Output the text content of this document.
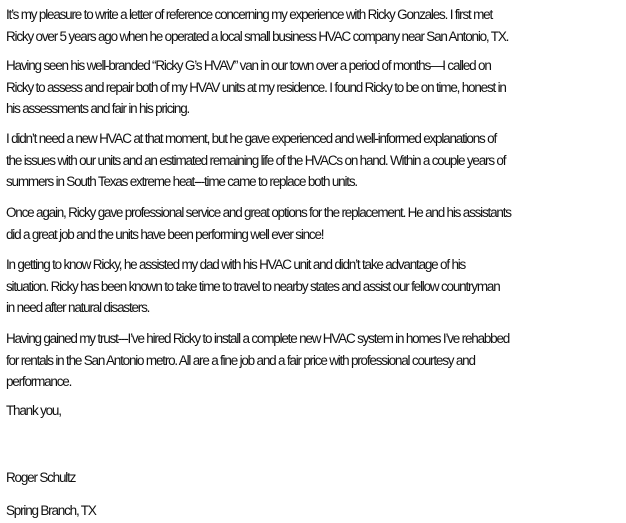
It’s my pleasure to write a letter of reference concerning my experience with Ricky Gonzales. I first met
Ricky over 5 years ago when he operated a local small business HVAC company near San Antonio, TX.

Having seen his well-branded “Ricky G’s HVAV” van in our town over a period of months—I called on
Ricky to assess and repair both of my HVAV units at my residence. I found Ricky to be on time, honest in
his assessments and fair in his pricing.

I didn’t need a new HVAC at that moment, but he gave experienced and well-informed explanations of
the issues with our units and an estimated remaining life of the HVACs on hand. Within a couple years of
summers in South Texas extreme heat---time came to replace both units.

Once again, Ricky gave professional service and great options for the replacement. He and his assistants
did a great job and the units have been performing well ever since!

In getting to know Ricky, he assisted my dad with his HVAC unit and didn’t take advantage of his
situation. Ricky has been known to take time to travel to nearby states and assist our fellow countryman
in need after natural disasters.

Having gained my trust---I’ve hired Ricky to install a complete new HVAC system in homes I’ve rehabbed
for rentals in the San Antonio metro. All are a fine job and a fair price with professional courtesy and
performance.

Thank you,

Roger Schultz

Spring Branch, TX
